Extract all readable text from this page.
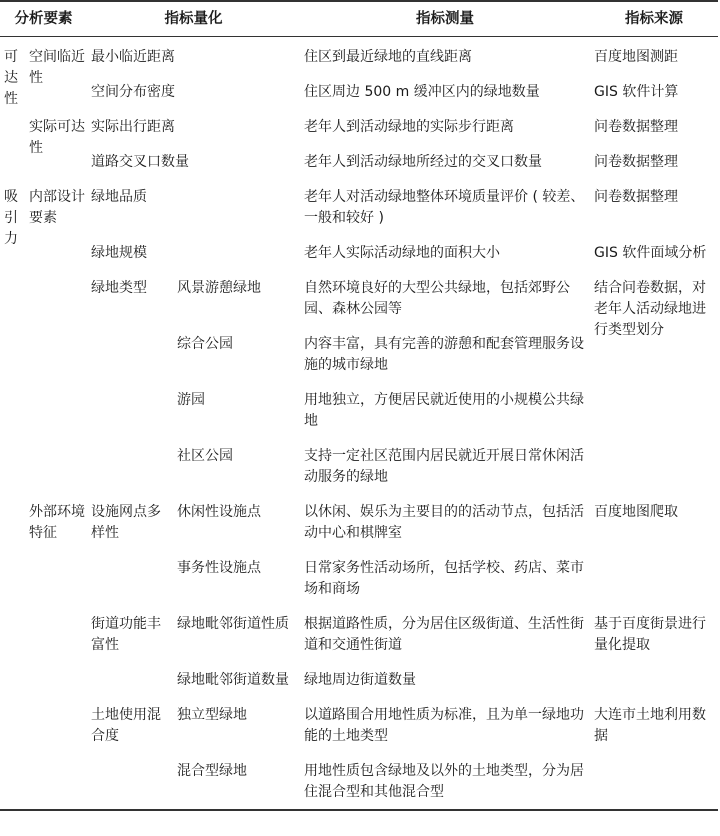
分析要素		指标量化		指标测量	指标来源
可达性	空间临近性	最小临近距离		住区到最近绿地的直线距离	百度地图测距
		空间分布密度		住区周边 500 m 缓冲区内的绿地数量	GIS 软件计算
	实际可达性	实际出行距离		老年人到活动绿地的实际步行距离	问卷数据整理
		道路交叉口数量		老年人到活动绿地所经过的交叉口数量	问卷数据整理
吸引力	内部设计要素	绿地品质		老年人对活动绿地整体环境质量评价 ( 较差、一般和较好 )	问卷数据整理
		绿地规模		老年人实际活动绿地的面积大小	GIS 软件面域分析
		绿地类型	风景游憩绿地	自然环境良好的大型公共绿地，包括郊野公园、森林公园等	结合问卷数据，对老年人活动绿地进行类型划分
			综合公园	内容丰富，具有完善的游憩和配套管理服务设施的城市绿地	
			游园	用地独立，方便居民就近使用的小规模公共绿地	
			社区公园	支持一定社区范围内居民就近开展日常休闲活动服务的绿地	
	外部环境特征	设施网点多样性	休闲性设施点	以休闲、娱乐为主要目的的活动节点，包括活动中心和棋牌室	百度地图爬取
			事务性设施点	日常家务性活动场所，包括学校、药店、菜市场和商场	
		街道功能丰富性	绿地毗邻街道性质	根据道路性质，分为居住区级街道、生活性街道和交通性街道	基于百度街景进行量化提取
			绿地毗邻街道数量	绿地周边街道数量	
		土地使用混合度	独立型绿地	以道路围合用地性质为标准，且为单一绿地功能的土地类型	大连市土地利用数据
			混合型绿地	用地性质包含绿地及以外的土地类型，分为居住混合型和其他混合型	
